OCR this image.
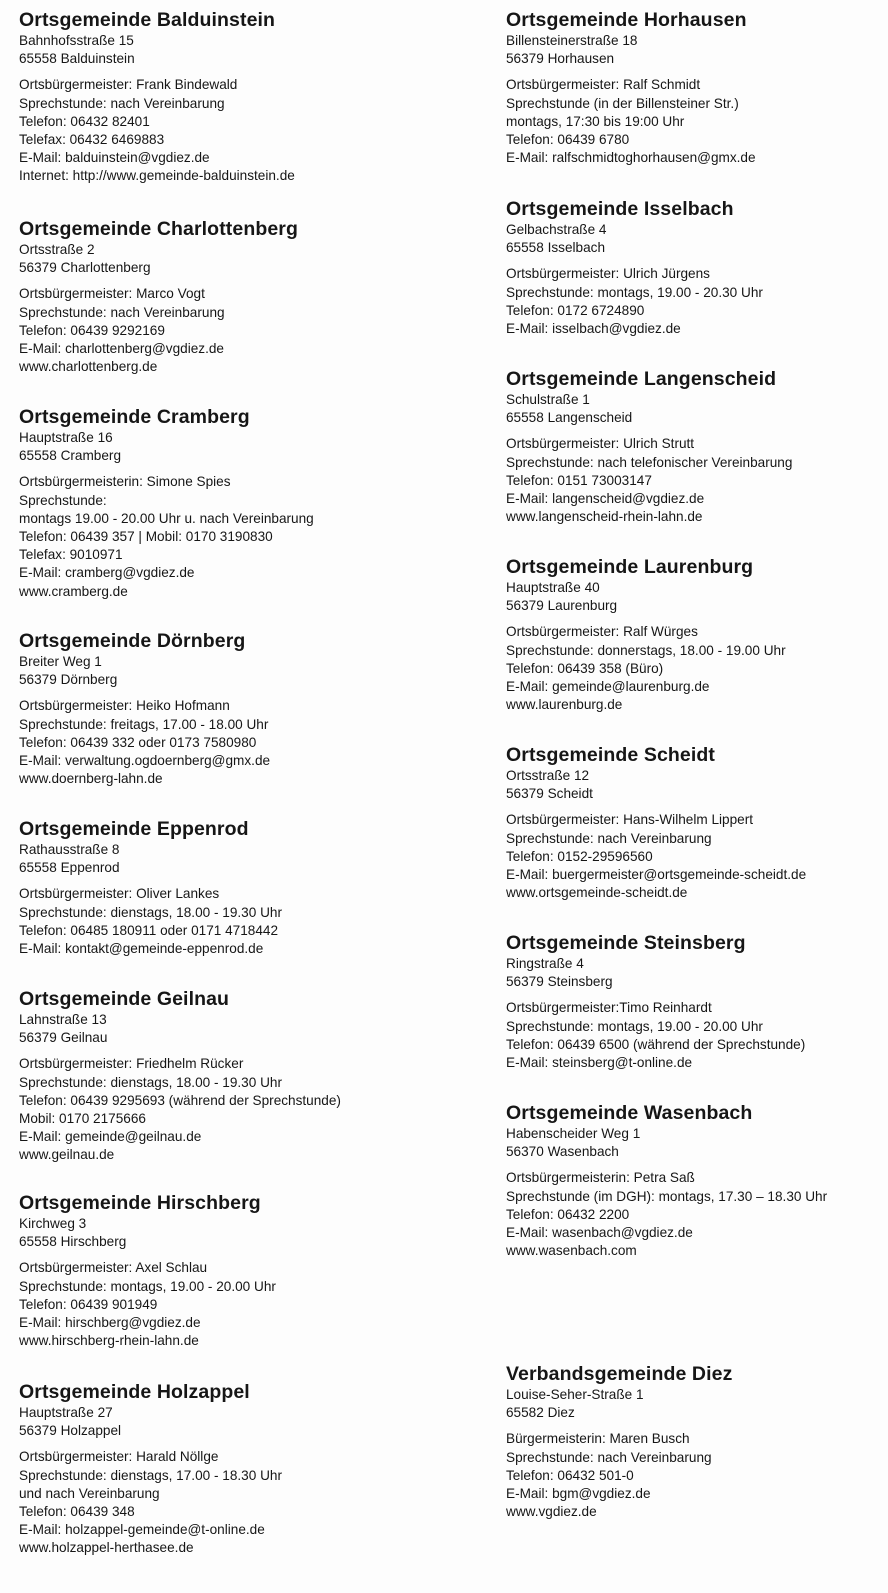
Ortsgemeinde Balduinstein
Bahnhofsstraße 15
65558 Balduinstein
Ortsbürgermeister: Frank Bindewald
Sprechstunde: nach Vereinbarung
Telefon: 06432 82401
Telefax: 06432 6469883
E-Mail: balduinstein@vgdiez.de
Internet: http://www.gemeinde-balduinstein.de
Ortsgemeinde Charlottenberg
Ortsstraße 2
56379 Charlottenberg
Ortsbürgermeister: Marco Vogt
Sprechstunde: nach Vereinbarung
Telefon: 06439 9292169
E-Mail: charlottenberg@vgdiez.de
www.charlottenberg.de
Ortsgemeinde Cramberg
Hauptstraße 16
65558 Cramberg
Ortsbürgermeisterin: Simone Spies
Sprechstunde:
montags 19.00 - 20.00 Uhr u. nach Vereinbarung
Telefon: 06439 357 | Mobil: 0170 3190830
Telefax: 9010971
E-Mail: cramberg@vgdiez.de
www.cramberg.de
Ortsgemeinde Dörnberg
Breiter Weg 1
56379 Dörnberg
Ortsbürgermeister: Heiko Hofmann
Sprechstunde: freitags, 17.00 - 18.00 Uhr
Telefon: 06439 332 oder 0173 7580980
E-Mail: verwaltung.ogdoernberg@gmx.de
www.doernberg-lahn.de
Ortsgemeinde Eppenrod
Rathausstraße 8
65558 Eppenrod
Ortsbürgermeister: Oliver Lankes
Sprechstunde: dienstags, 18.00 - 19.30 Uhr
Telefon: 06485 180911 oder 0171 4718442
E-Mail: kontakt@gemeinde-eppenrod.de
Ortsgemeinde Geilnau
Lahnstraße 13
56379 Geilnau
Ortsbürgermeister: Friedhelm Rücker
Sprechstunde: dienstags, 18.00 - 19.30 Uhr
Telefon: 06439 9295693 (während der Sprechstunde)
Mobil: 0170 2175666
E-Mail: gemeinde@geilnau.de
www.geilnau.de
Ortsgemeinde Hirschberg
Kirchweg 3
65558 Hirschberg
Ortsbürgermeister: Axel Schlau
Sprechstunde: montags, 19.00 - 20.00 Uhr
Telefon: 06439 901949
E-Mail: hirschberg@vgdiez.de
www.hirschberg-rhein-lahn.de
Ortsgemeinde Holzappel
Hauptstraße 27
56379 Holzappel
Ortsbürgermeister: Harald Nöllge
Sprechstunde: dienstags, 17.00 - 18.30 Uhr
und nach Vereinbarung
Telefon: 06439 348
E-Mail: holzappel-gemeinde@t-online.de
www.holzappel-herthasee.de
Ortsgemeinde Horhausen
Billensteinerstraße 18
56379 Horhausen
Ortsbürgermeister: Ralf Schmidt
Sprechstunde (in der Billensteiner Str.)
montags, 17:30 bis 19:00 Uhr
Telefon: 06439 6780
E-Mail: ralfschmidtoghorhausen@gmx.de
Ortsgemeinde Isselbach
Gelbachstraße 4
65558 Isselbach
Ortsbürgermeister: Ulrich Jürgens
Sprechstunde: montags, 19.00 - 20.30 Uhr
Telefon: 0172 6724890
E-Mail: isselbach@vgdiez.de
Ortsgemeinde Langenscheid
Schulstraße 1
65558 Langenscheid
Ortsbürgermeister: Ulrich Strutt
Sprechstunde: nach telefonischer Vereinbarung
Telefon: 0151 73003147
E-Mail: langenscheid@vgdiez.de
www.langenscheid-rhein-lahn.de
Ortsgemeinde Laurenburg
Hauptstraße 40
56379 Laurenburg
Ortsbürgermeister: Ralf Würges
Sprechstunde: donnerstags, 18.00 - 19.00 Uhr
Telefon: 06439 358 (Büro)
E-Mail: gemeinde@laurenburg.de
www.laurenburg.de
Ortsgemeinde Scheidt
Ortsstraße 12
56379 Scheidt
Ortsbürgermeister: Hans-Wilhelm Lippert
Sprechstunde: nach Vereinbarung
Telefon: 0152-29596560
E-Mail: buergermeister@ortsgemeinde-scheidt.de
www.ortsgemeinde-scheidt.de
Ortsgemeinde Steinsberg
Ringstraße 4
56379 Steinsberg
Ortsbürgermeister:Timo Reinhardt
Sprechstunde: montags, 19.00 - 20.00 Uhr
Telefon: 06439 6500 (während der Sprechstunde)
E-Mail: steinsberg@t-online.de
Ortsgemeinde Wasenbach
Habenscheider Weg 1
56370 Wasenbach
Ortsbürgermeisterin: Petra Saß
Sprechstunde (im DGH): montags, 17.30 – 18.30 Uhr
Telefon: 06432 2200
E-Mail: wasenbach@vgdiez.de
www.wasenbach.com
Verbandsgemeinde Diez
Louise-Seher-Straße 1
65582 Diez
Bürgermeisterin: Maren Busch
Sprechstunde: nach Vereinbarung
Telefon: 06432 501-0
E-Mail: bgm@vgdiez.de
www.vgdiez.de
